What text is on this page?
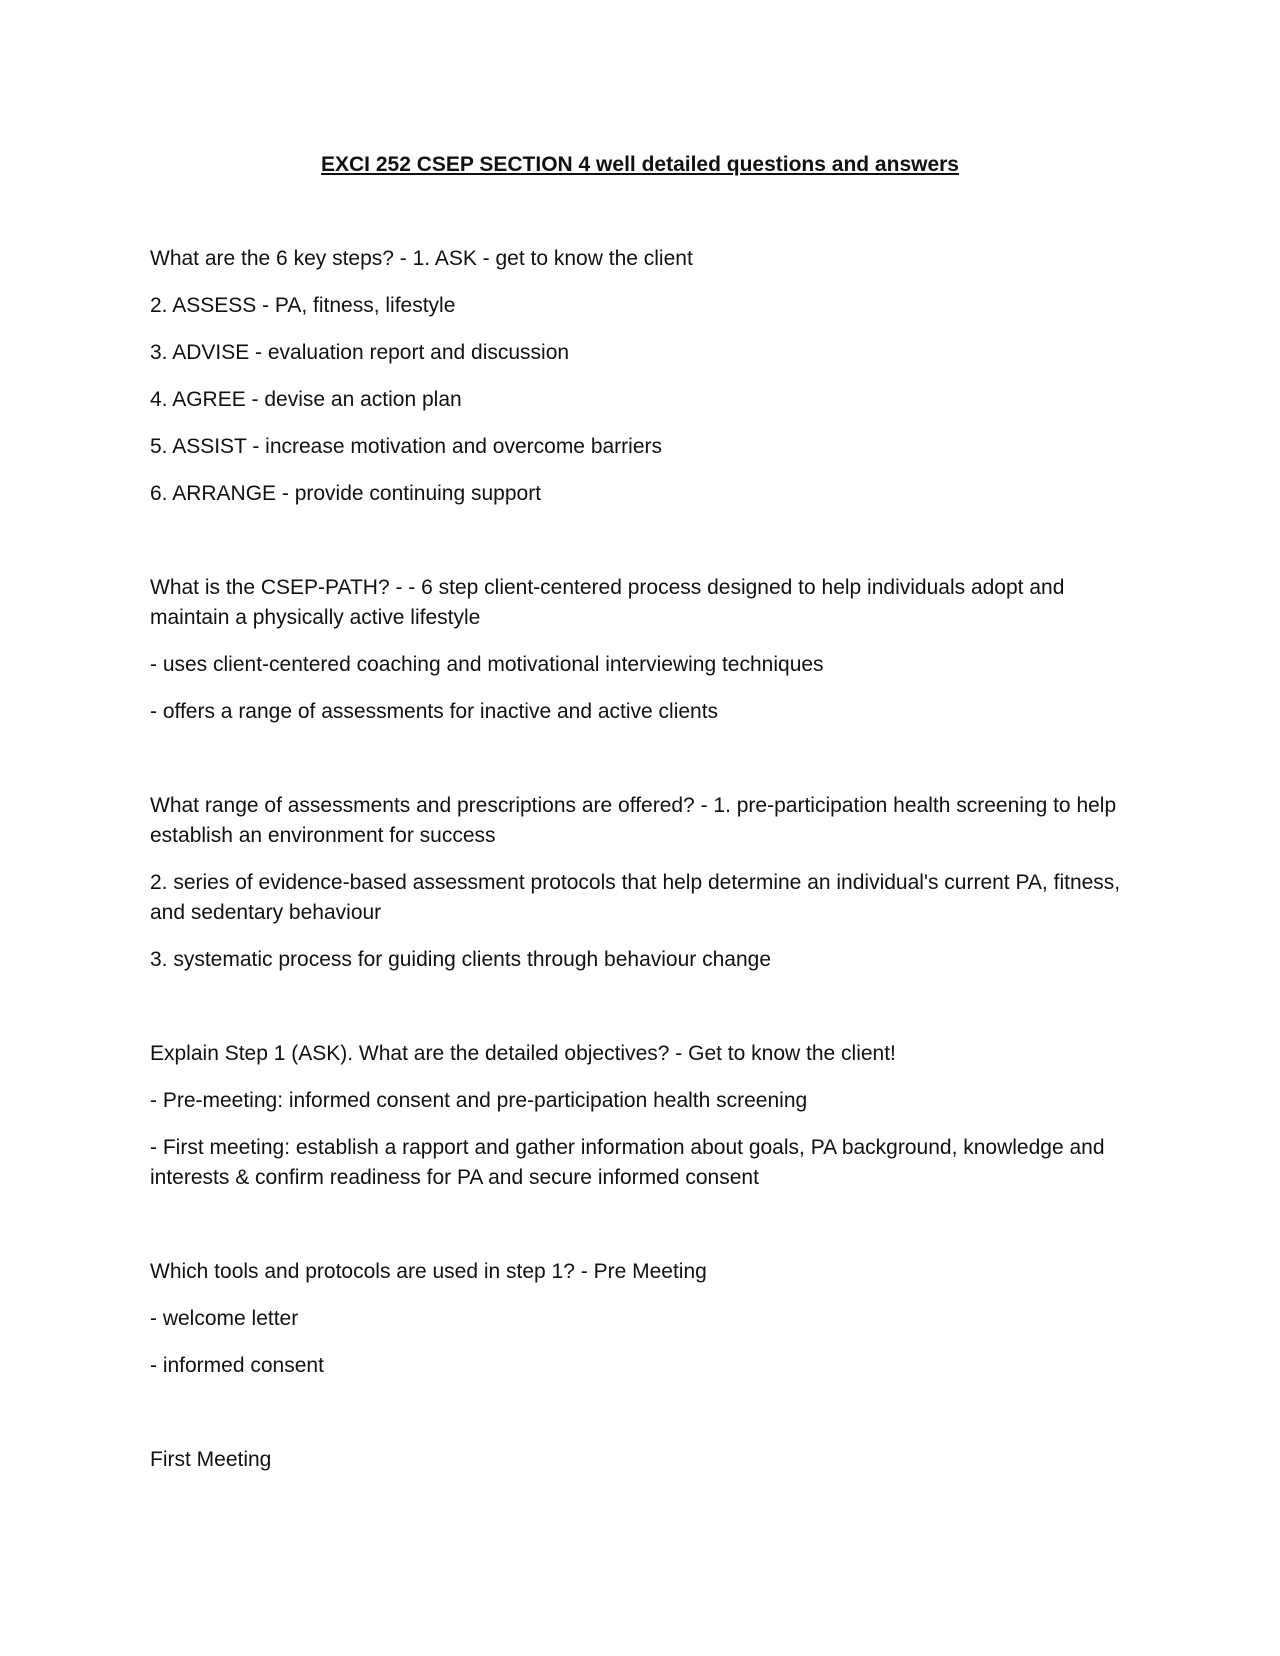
EXCI 252 CSEP SECTION 4 well detailed questions and answers

What are the 6 key steps? - 1. ASK - get to know the client

2. ASSESS - PA, fitness, lifestyle

3. ADVISE - evaluation report and discussion

4. AGREE - devise an action plan

5. ASSIST - increase motivation and overcome barriers

6. ARRANGE - provide continuing support

What is the CSEP-PATH? - - 6 step client-centered process designed to help individuals adopt and maintain a physically active lifestyle

- uses client-centered coaching and motivational interviewing techniques

- offers a range of assessments for inactive and active clients

What range of assessments and prescriptions are offered? - 1. pre-participation health screening to help establish an environment for success

2. series of evidence-based assessment protocols that help determine an individual's current PA, fitness, and sedentary behaviour

3. systematic process for guiding clients through behaviour change

Explain Step 1 (ASK). What are the detailed objectives? - Get to know the client!

- Pre-meeting: informed consent and pre-participation health screening

- First meeting: establish a rapport and gather information about goals, PA background, knowledge and interests & confirm readiness for PA and secure informed consent

Which tools and protocols are used in step 1? - Pre Meeting

- welcome letter

- informed consent

First Meeting
